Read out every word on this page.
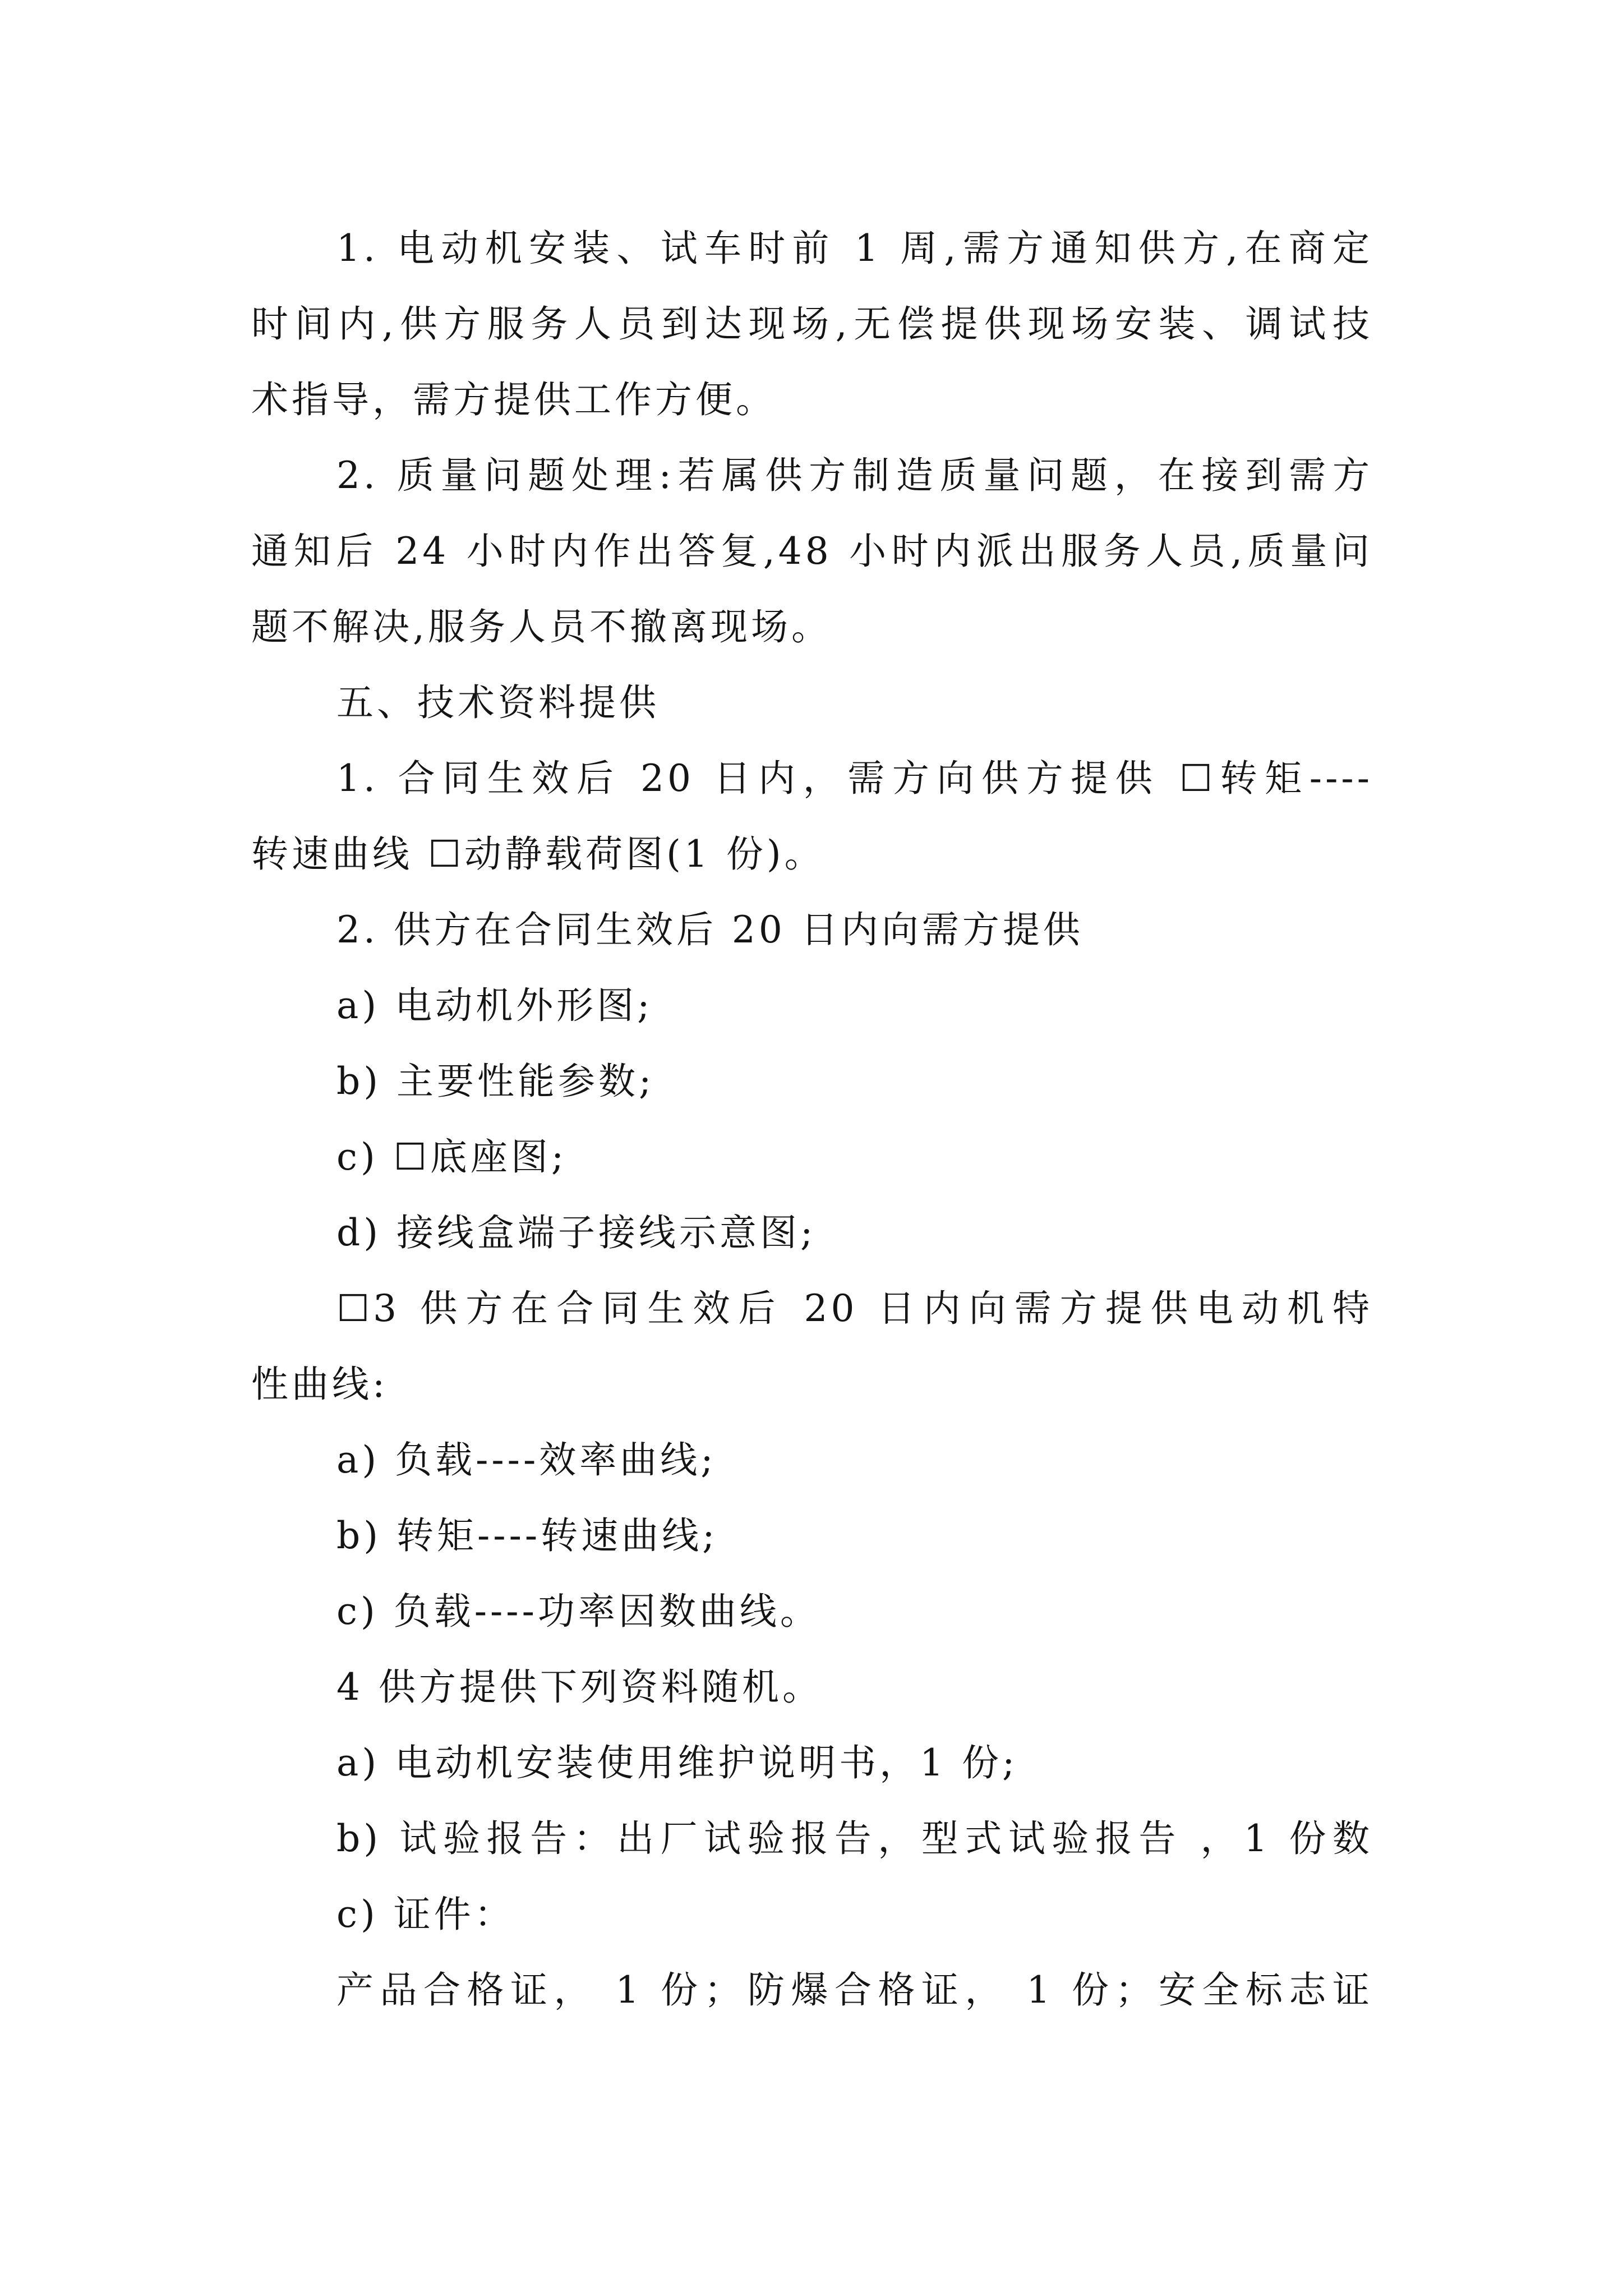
1. 电动机安装、试车时前 1 周,需方通知供方,在商定
时间内,供方服务人员到达现场,无偿提供现场安装、调试技
术指导，需方提供工作方便。

2. 质量问题处理:若属供方制造质量问题，在接到需方
通知后 24 小时内作出答复,48 小时内派出服务人员,质量问
题不解决,服务人员不撤离现场。

五、技术资料提供

1. 合同生效后 20 日内，需方向供方提供 ☐转矩----
转速曲线 ☐动静载荷图(1 份)。

2. 供方在合同生效后 20 日内向需方提供
a) 电动机外形图;
b) 主要性能参数;
c) ☐底座图;
d) 接线盒端子接线示意图;

☐3 供方在合同生效后 20 日内向需方提供电动机特
性曲线:
a) 负载----效率曲线;
b) 转矩----转速曲线;
c) 负载----功率因数曲线。

4 供方提供下列资料随机。
a) 电动机安装使用维护说明书，1 份;
b) 试验报告：出厂试验报告，型式试验报告 ，1 份数
c) 证件：
产品合格证， 1 份；防爆合格证， 1 份；安全标志证
